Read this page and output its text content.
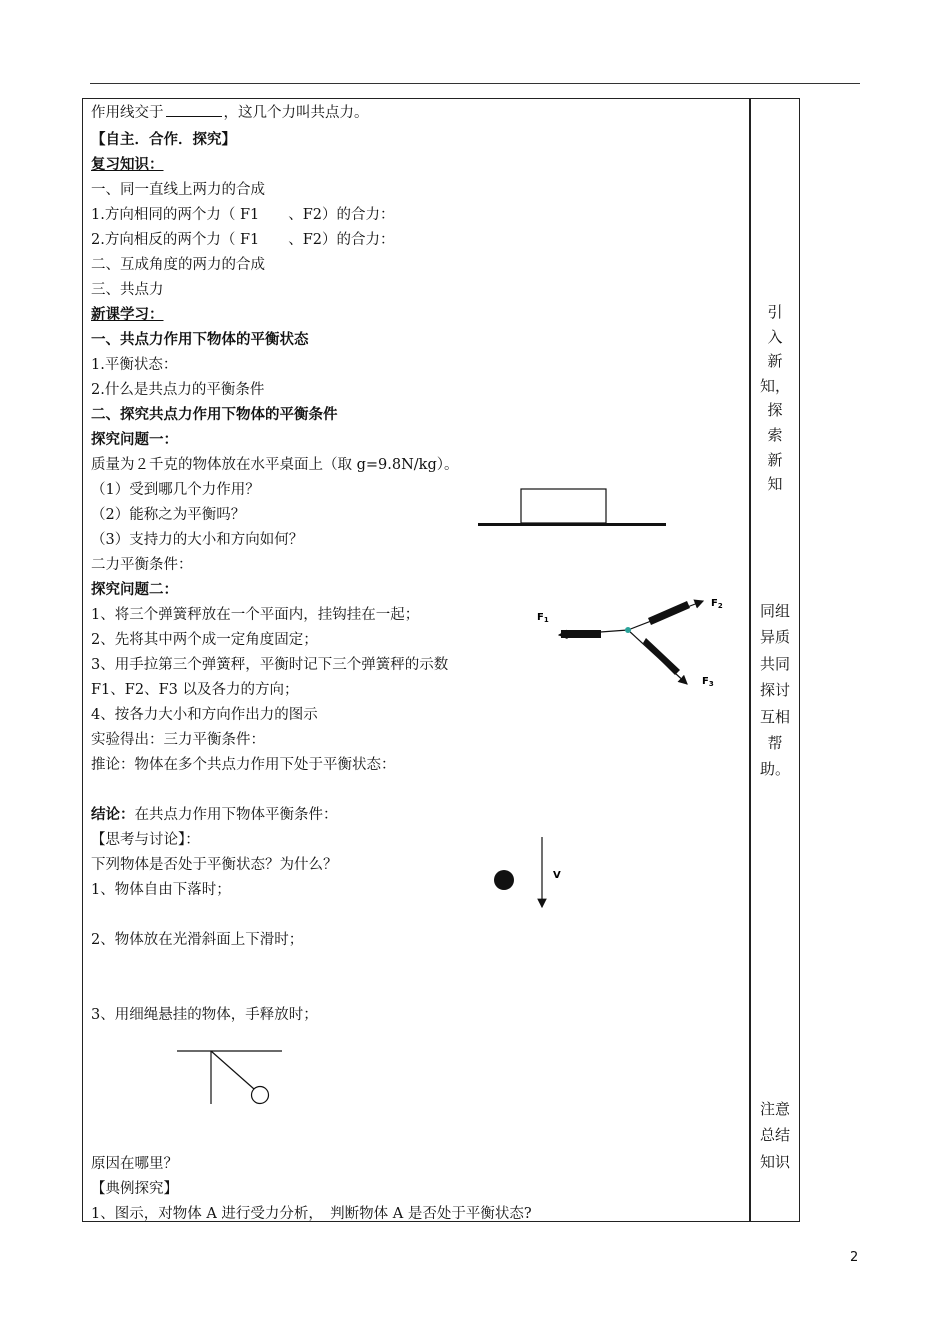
作用线交于	，这几个力叫共点力。
【自主．合作．探究】
复习知识：
一、同一直线上两力的合成
1.方向相同的两个力（ F1　　、F2）的合力：
2.方向相反的两个力（ F1　　、F2）的合力：
二、互成角度的两力的合成
三、共点力
新课学习：
一、共点力作用下物体的平衡状态
1.平衡状态：
2.什么是共点力的平衡条件
二、探究共点力作用下物体的平衡条件
探究问题一：
质量为２千克的物体放在水平桌面上（取 g=9.8N/kg）。
（1）受到哪几个力作用？
（2）能称之为平衡吗？
（3）支持力的大小和方向如何？
二力平衡条件：
探究问题二：
1、将三个弹簧秤放在一个平面内，挂钩挂在一起；
2、先将其中两个成一定角度固定；
3、用手拉第三个弹簧秤，平衡时记下三个弹簧秤的示数
F1、F2、F3 以及各力的方向；
4、按各力大小和方向作出力的图示
实验得出：三力平衡条件：
推论：物体在多个共点力作用下处于平衡状态：
结论：在共点力作用下物体平衡条件：
【思考与讨论】：
下列物体是否处于平衡状态？为什么？
1、物体自由下落时；
2、物体放在光滑斜面上下滑时；
3、用细绳悬挂的物体，手释放时；
原因在哪里？
【典例探究】
1、图示，对物体 A 进行受力分析，　判断物体 A 是否处于平衡状态?
引
入
新
知，
探
索
新
知
同组
异质
共同
探讨
互相
帮
助。
注意
总结
知识
$F_1$
$F_2$
$F_3$
V
2
